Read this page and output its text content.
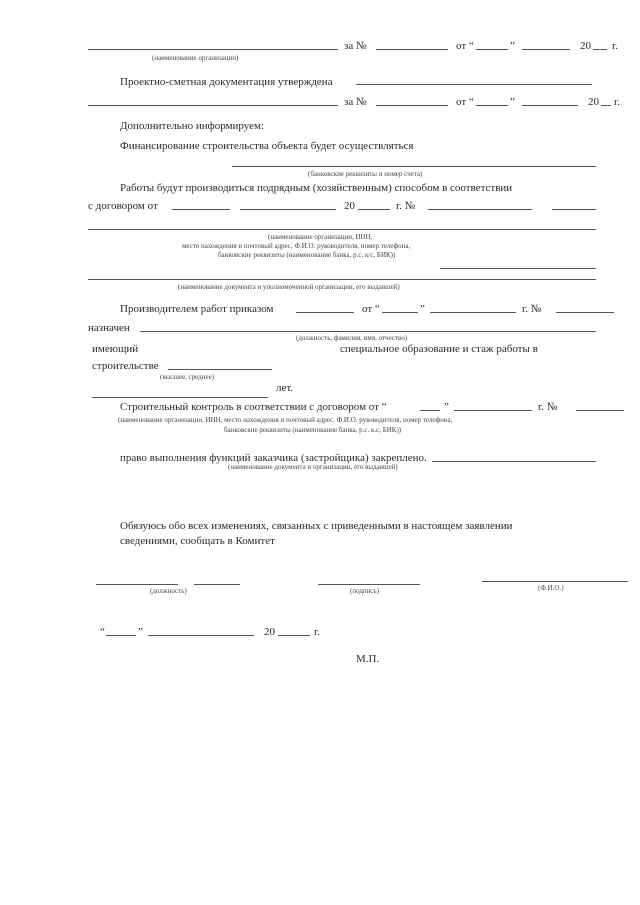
за №	от “	”	20 г.
(наименование организации)
Проектно-сметная документация утверждена
за №	от “	”	20 г.
Дополнительно информируем:
Финансирование строительства объекта будет осуществляться
(банковские реквизиты и номер счета)
Работы будут производиться подрядным (хозяйственным) способом в соответствии
с договором от	20	г. №
(наименование организации, ИНН,
место нахождения и почтовый адрес, Ф.И.О. руководителя, номер телефона,
банковские реквизиты (наименование банка, р.с. к/с, БИК))
(наименование документа и уполномоченной организации, его выдавшей)
Производителем работ приказом	от “	”	г. №
назначен
(должность, фамилия, имя, отчество)
имеющий	специальное образование и стаж работы в
строительстве
(высшее, среднее)
лет.
Строительный контроль в соответствии с договором от “	”	г. №
(наименование организации, ИНН, место нахождения и почтовый адрес, Ф.И.О. руководителя, номер телефона,
банковские реквизиты (наименование банка, р.с. к.с, БИК))
право выполнения функций заказчика (застройщика) закреплено.
(наименование документа и организации, его выдавшей)
Обязуюсь обо всех изменениях, связанных с приведенными в настоящем заявлении
сведениями, сообщать в Комитет
(должность)	(подпись)	(Ф.И.О.)
“	”	20	г.
М.П.
